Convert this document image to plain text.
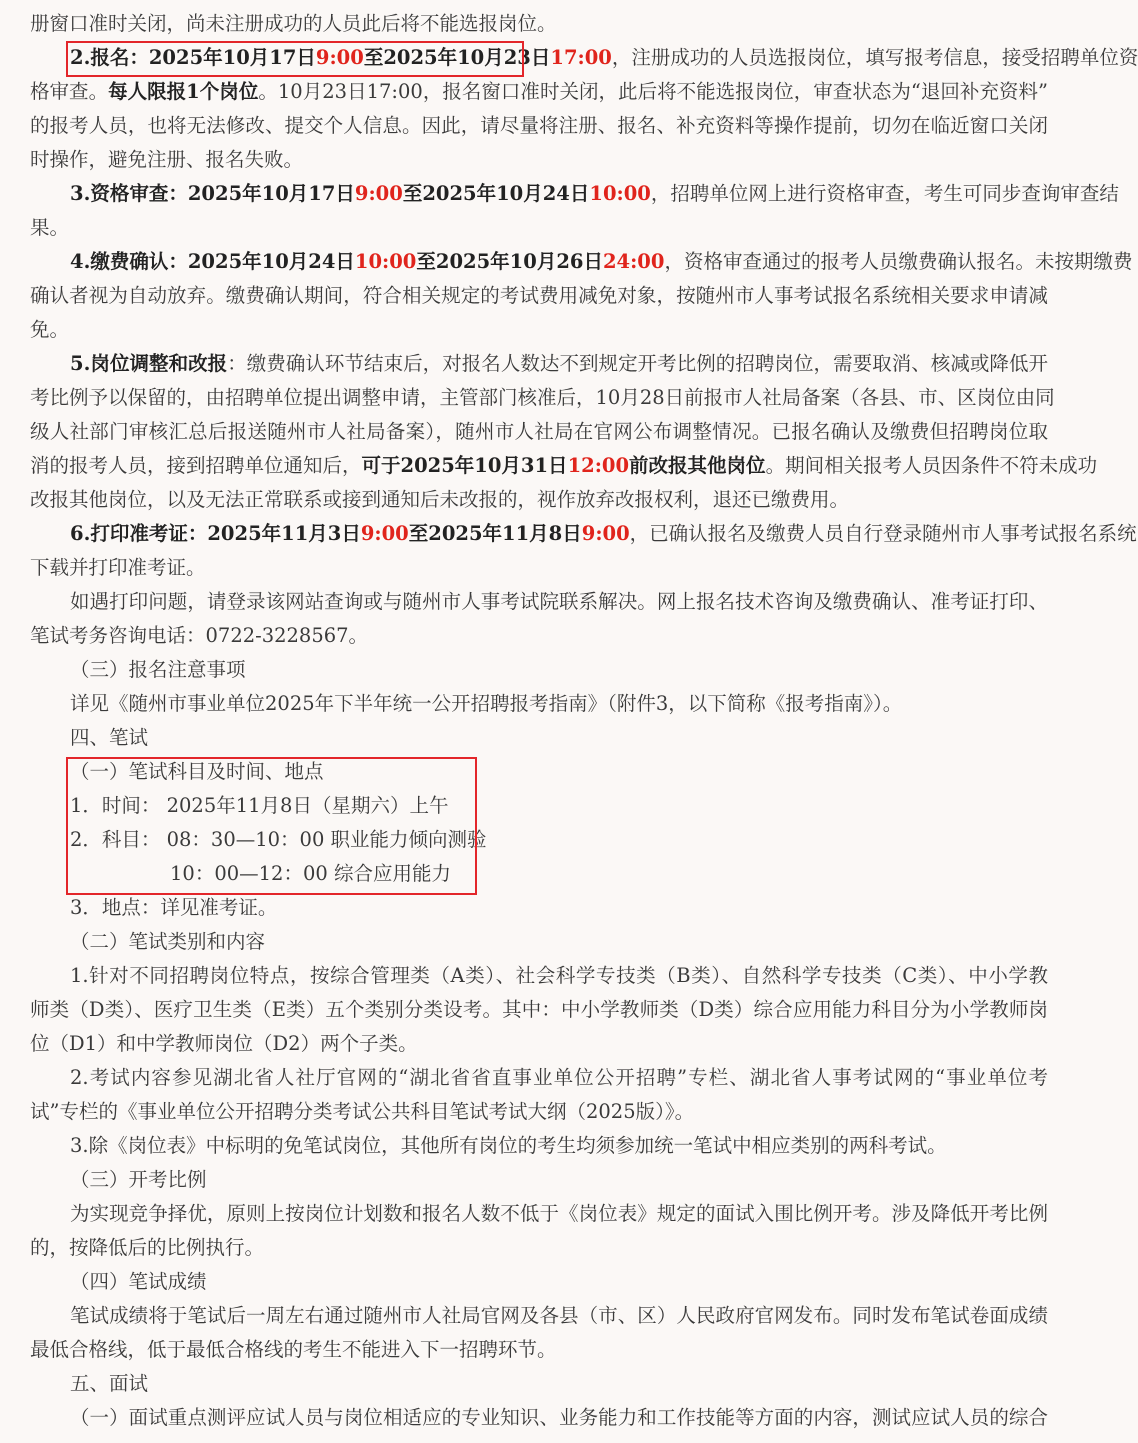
册窗口准时关闭，尚未注册成功的人员此后将不能选报岗位。
2.报名：2025年10月17日9:00至2025年10月23日17:00，注册成功的人员选报岗位，填写报考信息，接受招聘单位资
格审查。每人限报1个岗位。10月23日17:00，报名窗口准时关闭，此后将不能选报岗位，审查状态为“退回补充资料”
的报考人员，也将无法修改、提交个人信息。因此，请尽量将注册、报名、补充资料等操作提前，切勿在临近窗口关闭
时操作，避免注册、报名失败。
3.资格审查：2025年10月17日9:00至2025年10月24日10:00，招聘单位网上进行资格审查，考生可同步查询审查结
果。
4.缴费确认：2025年10月24日10:00至2025年10月26日24:00，资格审查通过的报考人员缴费确认报名。未按期缴费
确认者视为自动放弃。缴费确认期间，符合相关规定的考试费用减免对象，按随州市人事考试报名系统相关要求申请减
免。
5.岗位调整和改报：缴费确认环节结束后，对报名人数达不到规定开考比例的招聘岗位，需要取消、核减或降低开
考比例予以保留的，由招聘单位提出调整申请，主管部门核准后，10月28日前报市人社局备案（各县、市、区岗位由同
级人社部门审核汇总后报送随州市人社局备案），随州市人社局在官网公布调整情况。已报名确认及缴费但招聘岗位取
消的报考人员，接到招聘单位通知后，可于2025年10月31日12:00前改报其他岗位。期间相关报考人员因条件不符未成功
改报其他岗位，以及无法正常联系或接到通知后未改报的，视作放弃改报权利，退还已缴费用。
6.打印准考证：2025年11月3日9:00至2025年11月8日9:00，已确认报名及缴费人员自行登录随州市人事考试报名系统
下载并打印准考证。
如遇打印问题，请登录该网站查询或与随州市人事考试院联系解决。网上报名技术咨询及缴费确认、准考证打印、
笔试考务咨询电话：0722-3228567。
（三）报名注意事项
详见《随州市事业单位2025年下半年统一公开招聘报考指南》（附件3，以下简称《报考指南》）。
四、笔试
（一）笔试科目及时间、地点
1．时间： 2025年11月8日（星期六）上午
2．科目： 08：30—10：00 职业能力倾向测验
10：00—12：00 综合应用能力
3．地点：详见准考证。
（二）笔试类别和内容
1.针对不同招聘岗位特点，按综合管理类（A类）、社会科学专技类（B类）、自然科学专技类（C类）、中小学教
师类（D类）、医疗卫生类（E类）五个类别分类设考。其中：中小学教师类（D类）综合应用能力科目分为小学教师岗
位（D1）和中学教师岗位（D2）两个子类。
2.考试内容参见湖北省人社厅官网的“湖北省省直事业单位公开招聘”专栏、湖北省人事考试网的“事业单位考
试”专栏的《事业单位公开招聘分类考试公共科目笔试考试大纲（2025版）》。
3.除《岗位表》中标明的免笔试岗位，其他所有岗位的考生均须参加统一笔试中相应类别的两科考试。
（三）开考比例
为实现竞争择优，原则上按岗位计划数和报名人数不低于《岗位表》规定的面试入围比例开考。涉及降低开考比例
的，按降低后的比例执行。
（四）笔试成绩
笔试成绩将于笔试后一周左右通过随州市人社局官网及各县（市、区）人民政府官网发布。同时发布笔试卷面成绩
最低合格线，低于最低合格线的考生不能进入下一招聘环节。
五、面试
（一）面试重点测评应试人员与岗位相适应的专业知识、业务能力和工作技能等方面的内容，测试应试人员的综合
